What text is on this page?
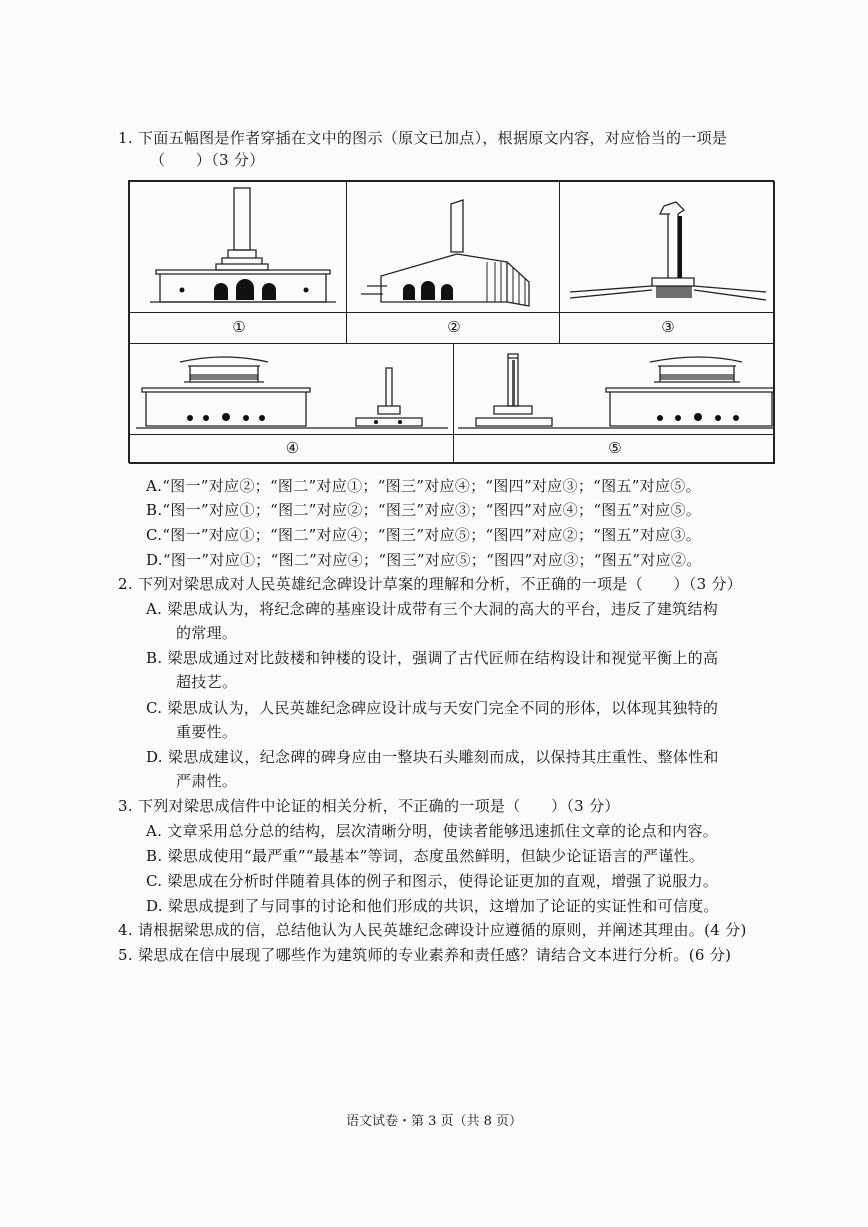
1. 下面五幅图是作者穿插在文中的图示（原文已加点），根据原文内容，对应恰当的一项是
（　　）（3 分）
①	②	③
④	⑤
A.“图一”对应②；“图二”对应①；“图三”对应④；“图四”对应③；“图五”对应⑤。
B.“图一”对应①；“图二”对应②；“图三”对应③；“图四”对应④；“图五”对应⑤。
C.“图一”对应①；“图二”对应④；“图三”对应⑤；“图四”对应②；“图五”对应③。
D.“图一”对应①；“图二”对应④；“图三”对应⑤；“图四”对应③；“图五”对应②。
2. 下列对梁思成对人民英雄纪念碑设计草案的理解和分析，不正确的一项是（　　）（3 分）
A. 梁思成认为，将纪念碑的基座设计成带有三个大洞的高大的平台，违反了建筑结构
的常理。
B. 梁思成通过对比鼓楼和钟楼的设计，强调了古代匠师在结构设计和视觉平衡上的高
超技艺。
C. 梁思成认为，人民英雄纪念碑应设计成与天安门完全不同的形体，以体现其独特的
重要性。
D. 梁思成建议，纪念碑的碑身应由一整块石头雕刻而成，以保持其庄重性、整体性和
严肃性。
3. 下列对梁思成信件中论证的相关分析，不正确的一项是（　　）（3 分）
A. 文章采用总分总的结构，层次清晰分明，使读者能够迅速抓住文章的论点和内容。
B. 梁思成使用“最严重”“最基本”等词，态度虽然鲜明，但缺少论证语言的严谨性。
C. 梁思成在分析时伴随着具体的例子和图示，使得论证更加的直观，增强了说服力。
D. 梁思成提到了与同事的讨论和他们形成的共识，这增加了论证的实证性和可信度。
4. 请根据梁思成的信，总结他认为人民英雄纪念碑设计应遵循的原则，并阐述其理由。(4 分)
5. 梁思成在信中展现了哪些作为建筑师的专业素养和责任感？请结合文本进行分析。(6 分)
语文试卷・第 3 页（共 8 页）
